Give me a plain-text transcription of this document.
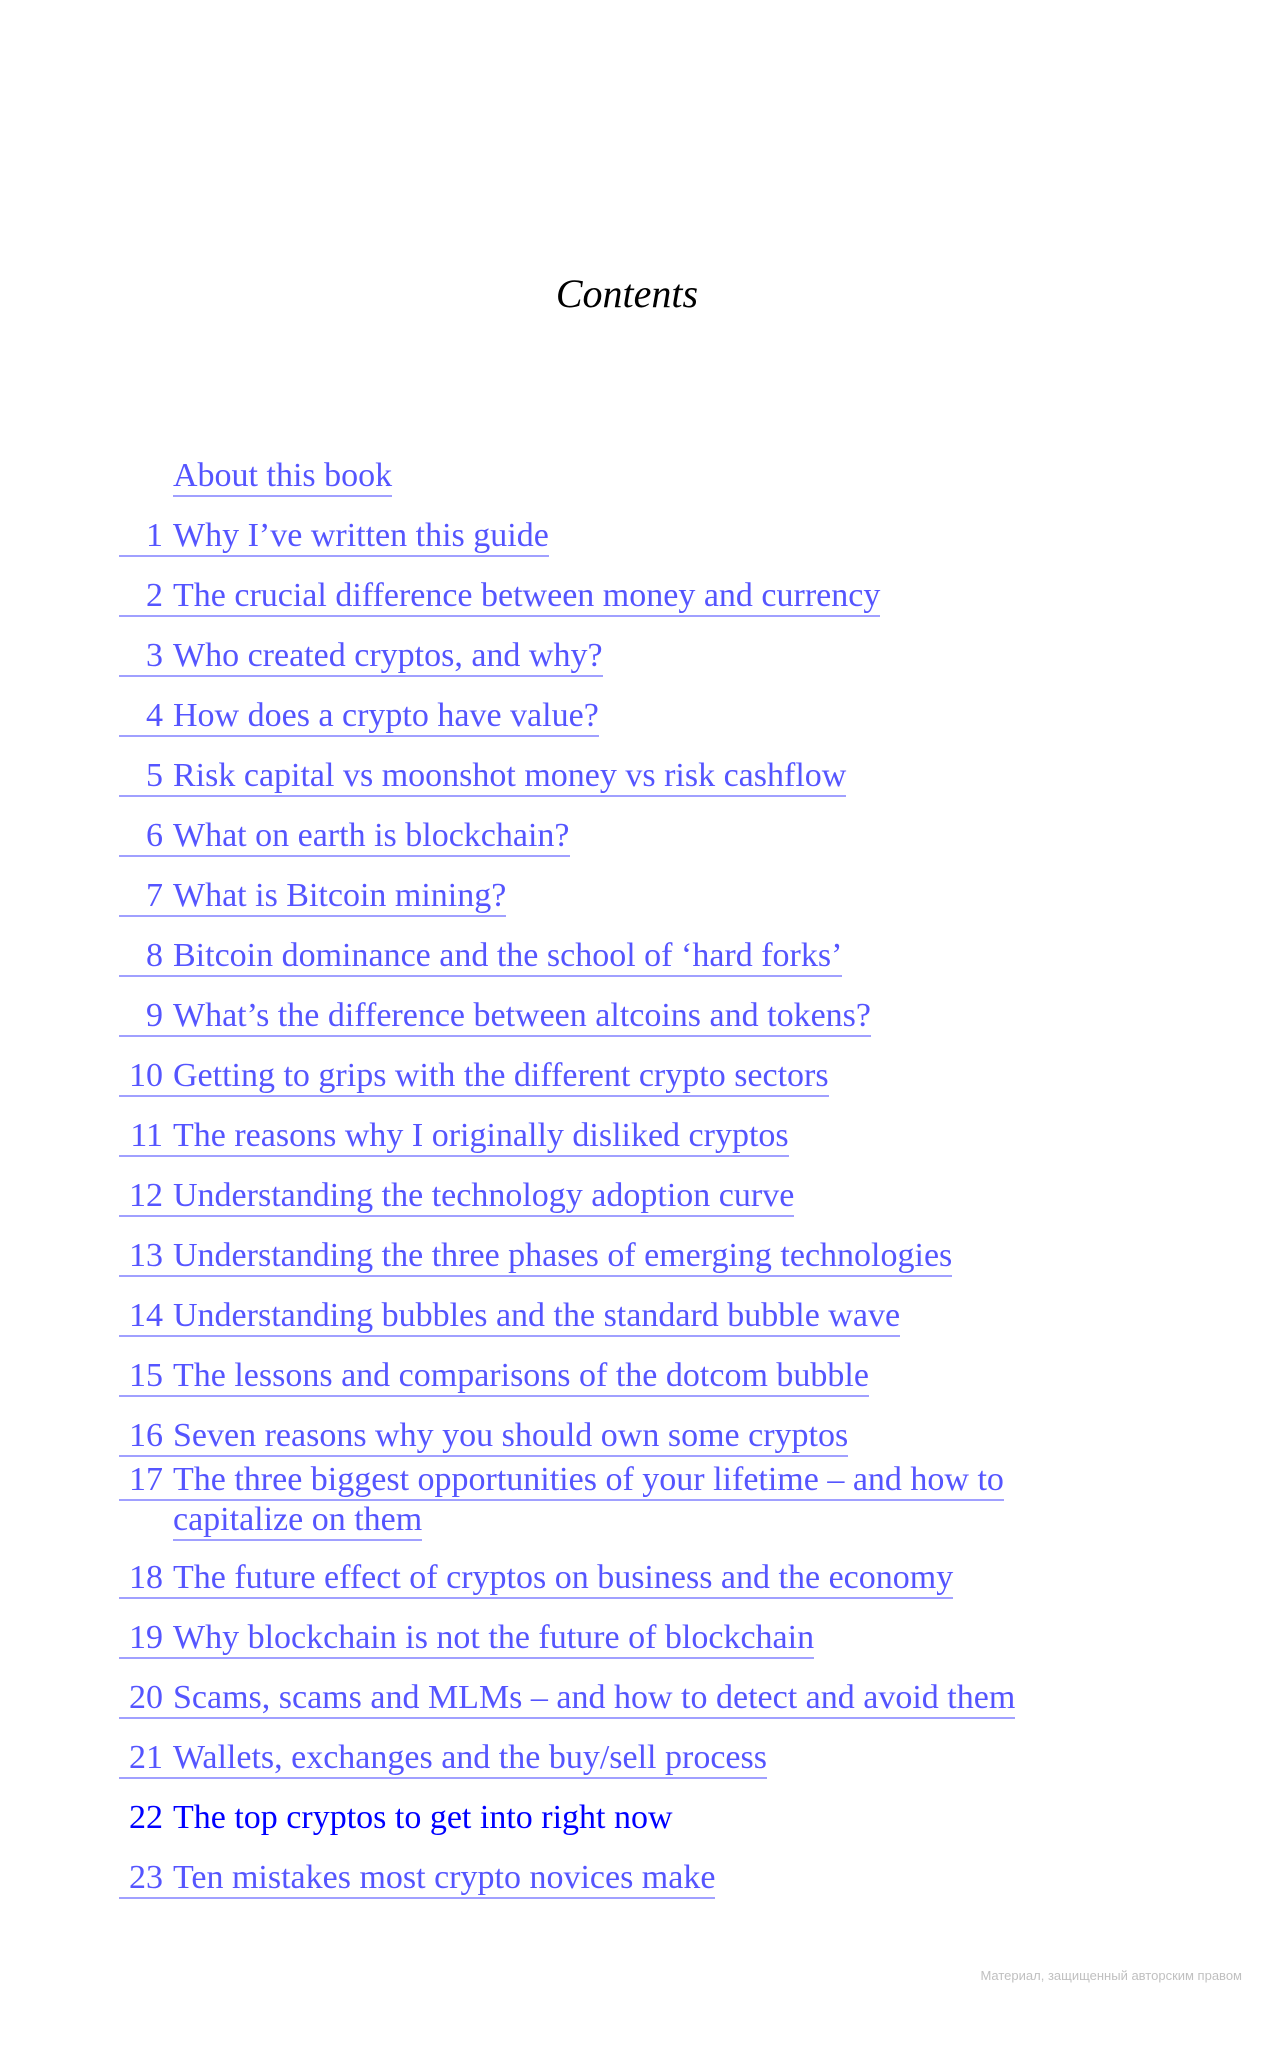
Contents
About this book
1 Why I’ve written this guide
2 The crucial difference between money and currency
3 Who created cryptos, and why?
4 How does a crypto have value?
5 Risk capital vs moonshot money vs risk cashflow
6 What on earth is blockchain?
7 What is Bitcoin mining?
8 Bitcoin dominance and the school of ‘hard forks’
9 What’s the difference between altcoins and tokens?
10 Getting to grips with the different crypto sectors
11 The reasons why I originally disliked cryptos
12 Understanding the technology adoption curve
13 Understanding the three phases of emerging technologies
14 Understanding bubbles and the standard bubble wave
15 The lessons and comparisons of the dotcom bubble
16 Seven reasons why you should own some cryptos
17 The three biggest opportunities of your lifetime – and how to
capitalize on them
18 The future effect of cryptos on business and the economy
19 Why blockchain is not the future of blockchain
20 Scams, scams and MLMs – and how to detect and avoid them
21 Wallets, exchanges and the buy/sell process
22 The top cryptos to get into right now
23 Ten mistakes most crypto novices make
Материал, защищенный авторским правом
